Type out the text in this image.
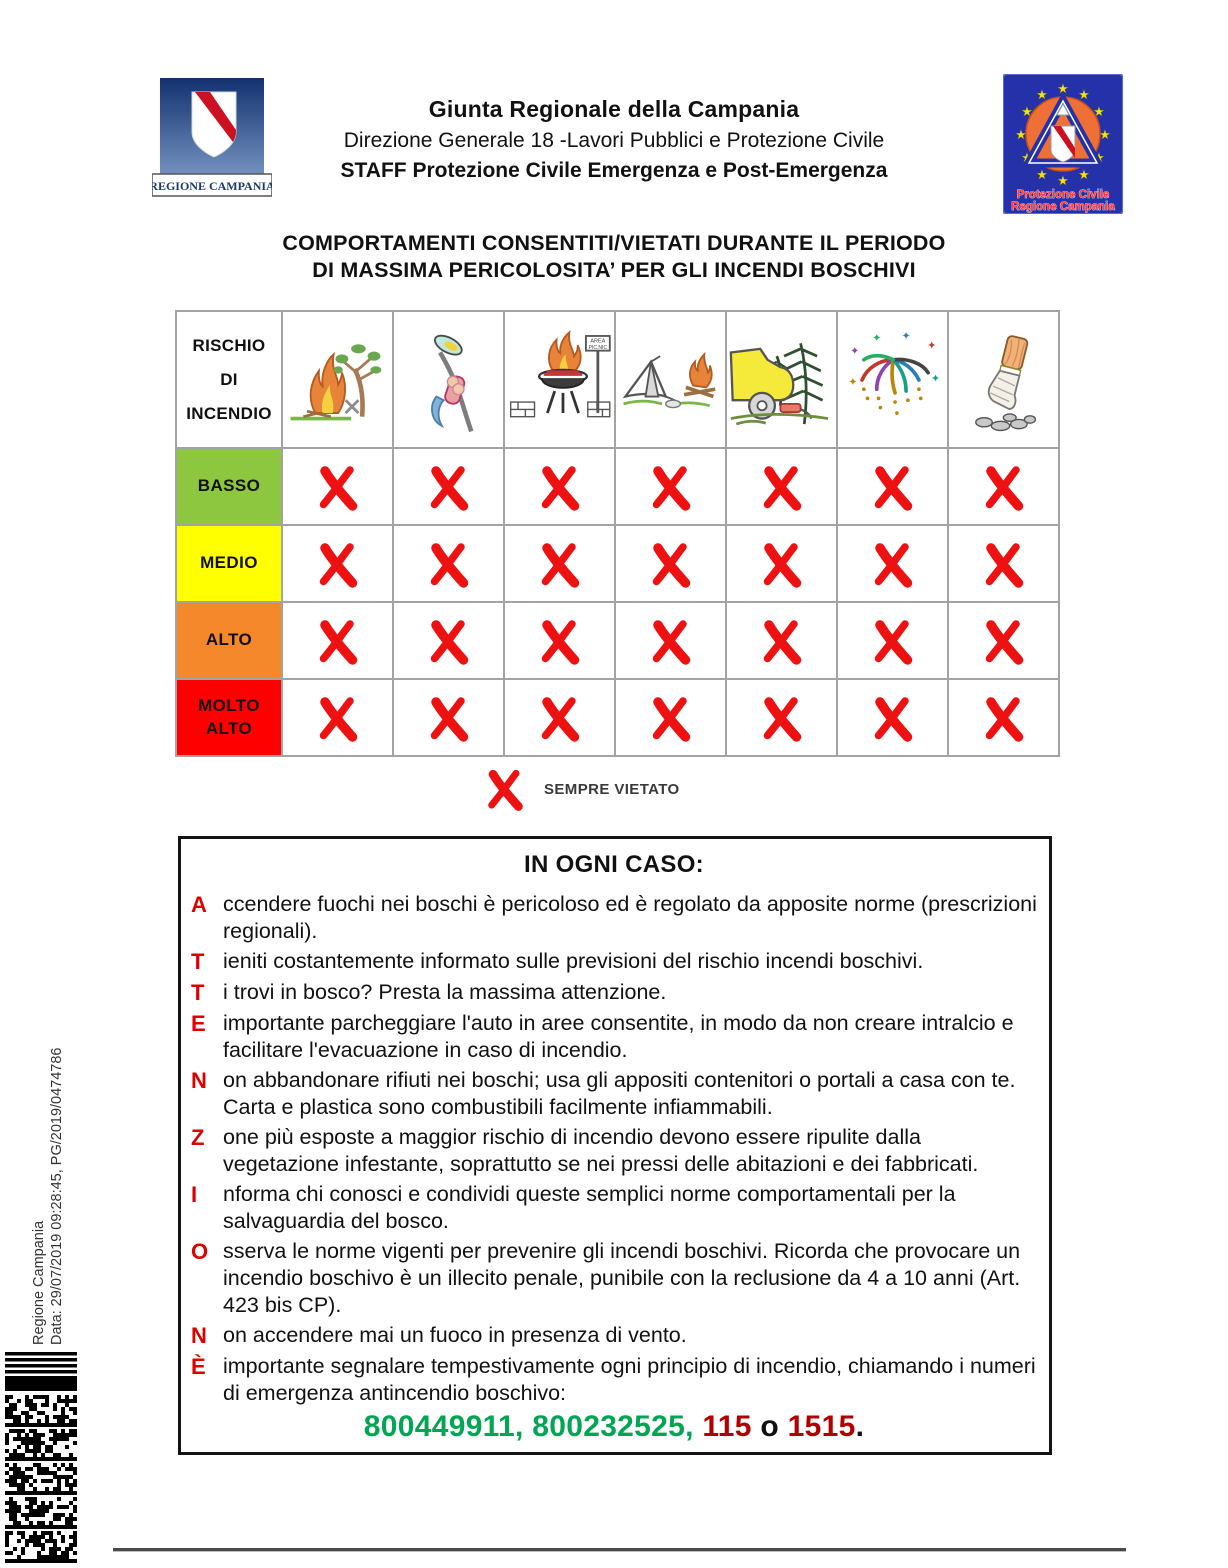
REGIONE CAMPANIA
Giunta Regionale della Campania
Direzione Generale 18 -Lavori Pubblici e Protezione Civile
STAFF Protezione Civile Emergenza e Post-Emergenza
★
★
★
★
★
★
★
★
★ ★ ★
★
Protezione Civile
Regione Campania
COMPORTAMENTI CONSENTITI/VIETATI DURANTE IL PERIODO
DI MASSIMA PERICOLOSITA’ PER GLI INCENDI BOSCHIVI
RISCHIO
DI
INCENDIO
AREA
PIC.NIC	✦
✦ ✦
✦
✦
✦
BASSO
MEDIO
ALTO
MOLTO ALTO
SEMPRE VIETATO
IN OGNI CASO:
A ccendere fuochi nei boschi è pericoloso ed è regolato da apposite norme (prescrizioni regionali).
T ieniti costantemente informato sulle previsioni del rischio incendi boschivi.
T i trovi in bosco? Presta la massima attenzione.
E importante parcheggiare l'auto in aree consentite, in modo da non creare intralcio e facilitare l'evacuazione in caso di incendio.
N on abbandonare rifiuti nei boschi; usa gli appositi contenitori o portali a casa con te. Carta e plastica sono combustibili facilmente infiammabili.
Z one più esposte a maggior rischio di incendio devono essere ripulite dalla vegetazione infestante, soprattutto se nei pressi delle abitazioni e dei fabbricati.
I	nforma chi conosci e condividi queste semplici norme comportamentali per la salvaguardia del bosco.
O sserva le norme vigenti per prevenire gli incendi boschivi. Ricorda che provocare un incendio boschivo è un illecito penale, punibile con la reclusione da 4 a 10 anni (Art. 423 bis CP).
N on accendere mai un fuoco in presenza di vento.
È importante segnalare tempestivamente ogni principio di incendio, chiamando i numeri di emergenza antincendio boschivo:
800449911, 800232525, 115 o 1515.
Regione Campania Data: 29/07/2019 09:28:45, PG/2019/0474786
